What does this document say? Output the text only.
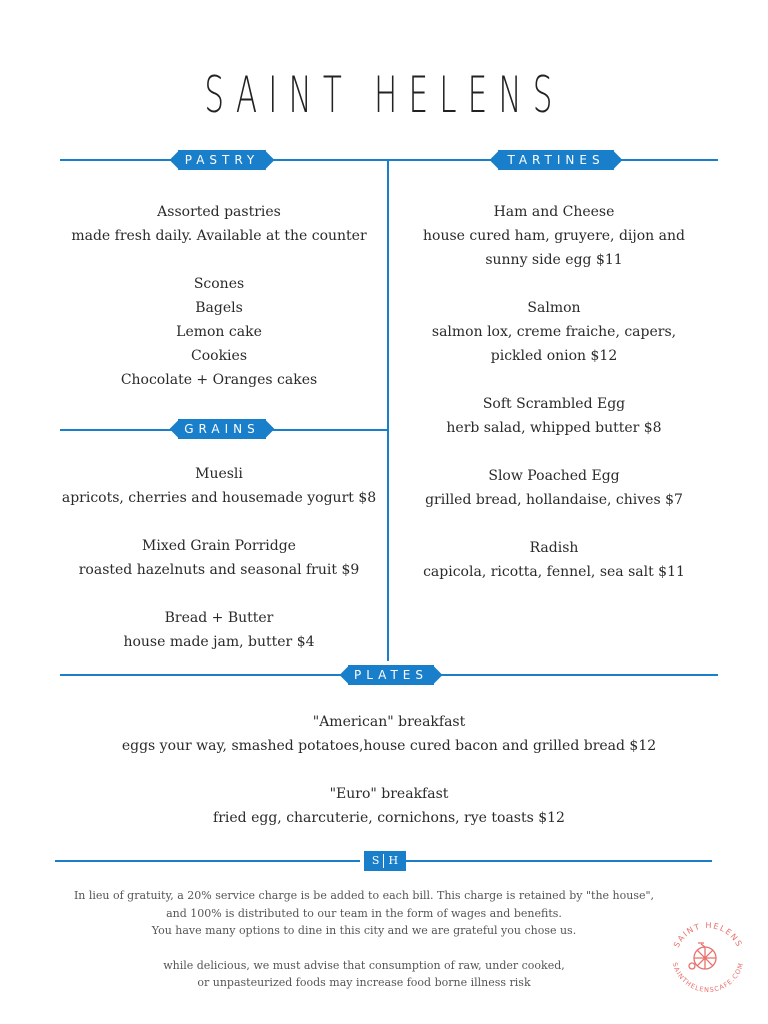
SAINT HELENS
PASTRY	TARTINES
GRAINS
PLATES
Assorted pastries
made fresh daily. Available at the counter
Scones
Bagels
Lemon cake
Cookies
Chocolate + Oranges cakes
Muesli
apricots, cherries and housemade yogurt $8
Mixed Grain Porridge
roasted hazelnuts and seasonal fruit $9
Bread + Butter
house made jam, butter $4
Ham and Cheese
house cured ham, gruyere, dijon and
sunny side egg $11
Salmon
salmon lox, creme fraiche, capers,
pickled onion $12
Soft Scrambled Egg
herb salad, whipped butter $8
Slow Poached Egg
grilled bread, hollandaise, chives $7
Radish
capicola, ricotta, fennel, sea salt $11
"American" breakfast
eggs your way, smashed potatoes,house cured bacon and grilled bread $12
"Euro" breakfast
fried egg, charcuterie, cornichons, rye toasts $12
S H
In lieu of gratuity, a 20% service charge is be added to each bill. This charge is retained by "the house",
and 100% is distributed to our team in the form of wages and benefits.
You have many options to dine in this city and we are grateful you chose us.
while delicious, we must advise that consumption of raw, under cooked,
or unpasteurized foods may increase food borne illness risk
SAINT HELENS
SAINTHELENSCAFE.COM
